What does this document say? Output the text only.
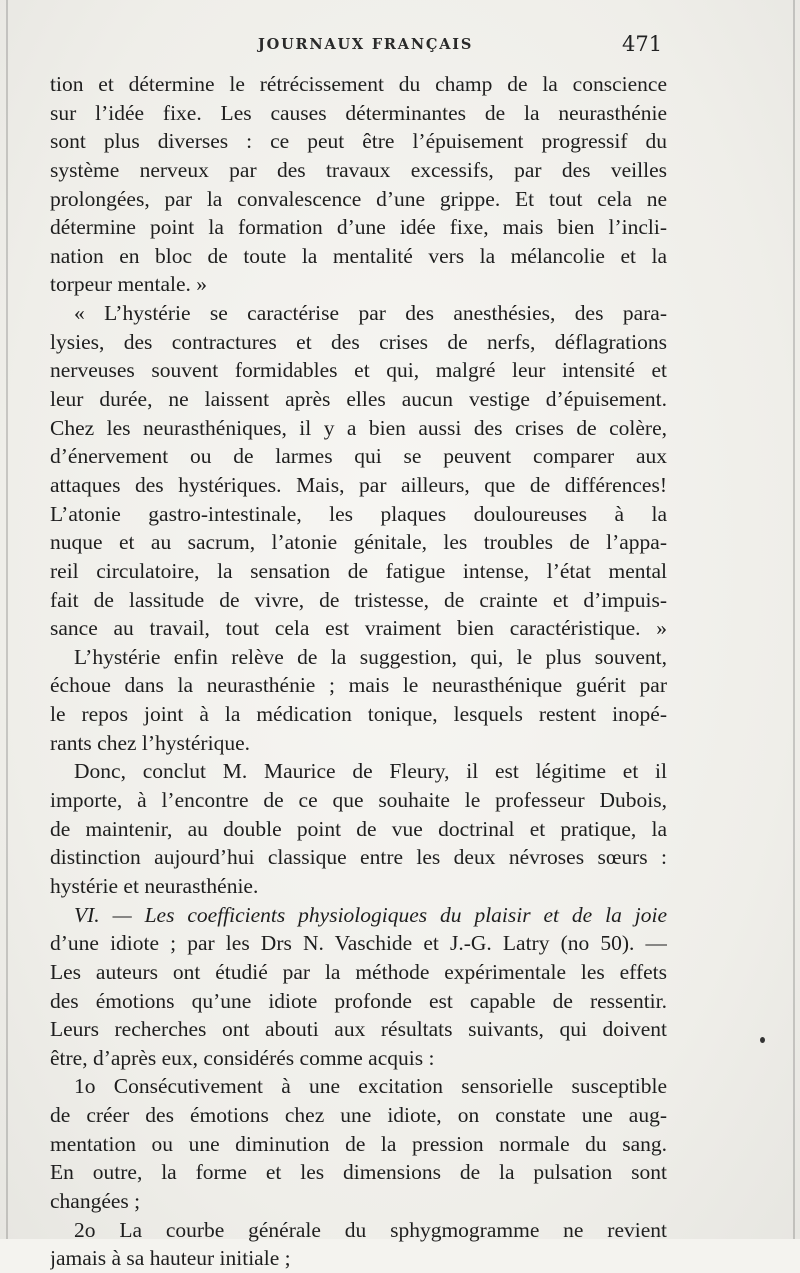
JOURNAUX FRANÇAIS	471
tion et détermine le rétrécissement du champ de la conscience
sur l’idée fixe. Les causes déterminantes de la neurasthénie
sont plus diverses : ce peut être l’épuisement progressif du
système nerveux par des travaux excessifs, par des veilles
prolongées, par la convalescence d’une grippe. Et tout cela ne
détermine point la formation d’une idée fixe, mais bien l’incli-
nation en bloc de toute la mentalité vers la mélancolie et la
torpeur mentale. »
« L’hystérie se caractérise par des anesthésies, des para-
lysies, des contractures et des crises de nerfs, déflagrations
nerveuses souvent formidables et qui, malgré leur intensité et
leur durée, ne laissent après elles aucun vestige d’épuisement.
Chez les neurasthéniques, il y a bien aussi des crises de colère,
d’énervement ou de larmes qui se peuvent comparer aux
attaques des hystériques. Mais, par ailleurs, que de différences!
L’atonie gastro-intestinale, les plaques douloureuses à la
nuque et au sacrum, l’atonie génitale, les troubles de l’appa-
reil circulatoire, la sensation de fatigue intense, l’état mental
fait de lassitude de vivre, de tristesse, de crainte et d’impuis-
sance au travail, tout cela est vraiment bien caractéristique. »
L’hystérie enfin relève de la suggestion, qui, le plus souvent,
échoue dans la neurasthénie ; mais le neurasthénique guérit par
le repos joint à la médication tonique, lesquels restent inopé-
rants chez l’hystérique.
Donc, conclut M. Maurice de Fleury, il est légitime et il
importe, à l’encontre de ce que souhaite le professeur Dubois,
de maintenir, au double point de vue doctrinal et pratique, la
distinction aujourd’hui classique entre les deux névroses sœurs :
hystérie et neurasthénie.
VI. — Les coefficients physiologiques du plaisir et de la joie
d’une idiote ; par les Drs N. Vaschide et J.-G. Latry (no 50). —
Les auteurs ont étudié par la méthode expérimentale les effets
des émotions qu’une idiote profonde est capable de ressentir.
Leurs recherches ont abouti aux résultats suivants, qui doivent
être, d’après eux, considérés comme acquis :
1o Consécutivement à une excitation sensorielle susceptible
de créer des émotions chez une idiote, on constate une aug-
mentation ou une diminution de la pression normale du sang.
En outre, la forme et les dimensions de la pulsation sont
changées ;
2o La courbe générale du sphygmogramme ne revient
jamais à sa hauteur initiale ;
